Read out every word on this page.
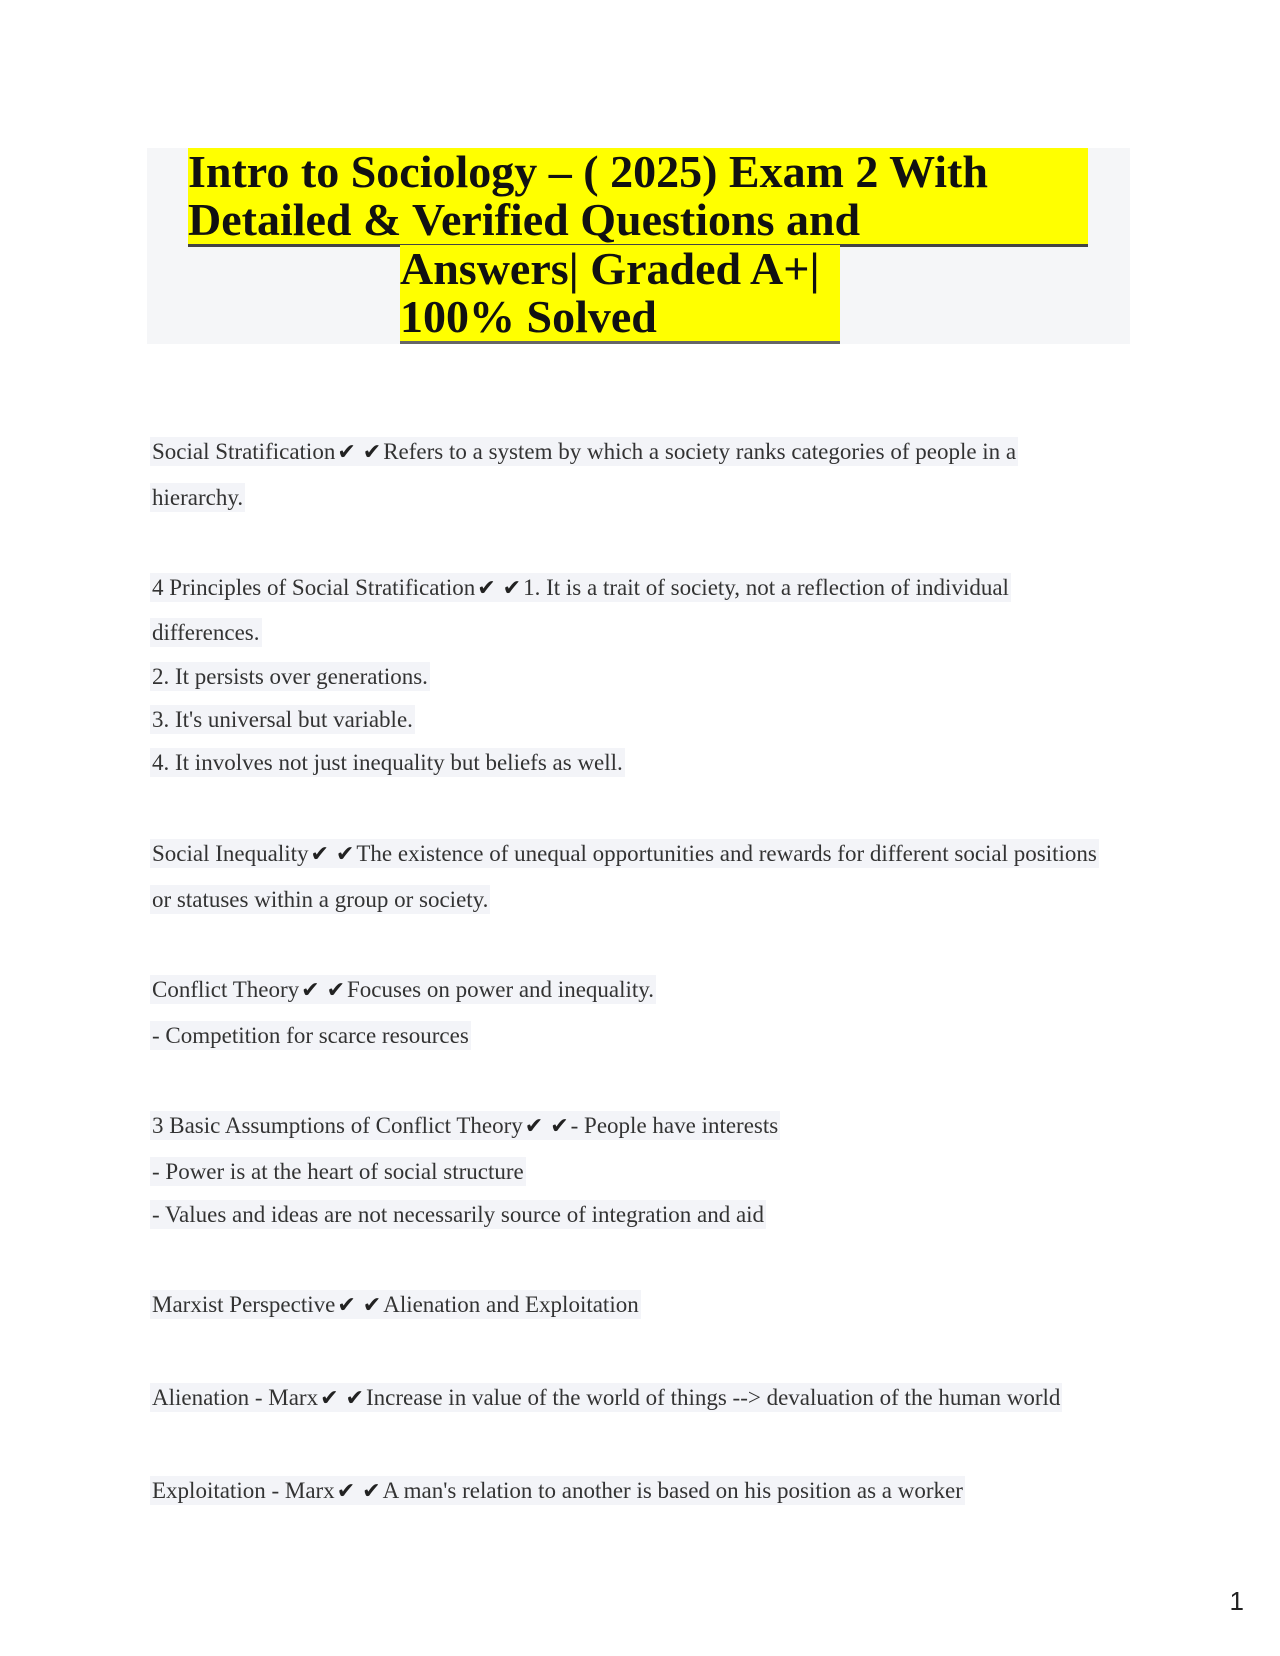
Intro to Sociology – ( 2025) Exam 2 With

Detailed & Verified Questions and

Answers| Graded A+|

100% Solved

Social Stratification✔ ✔Refers to a system by which a society ranks categories of people in a
hierarchy.
4 Principles of Social Stratification✔ ✔1. It is a trait of society, not a reflection of individual
differences.
2. It persists over generations.
3. It's universal but variable.
4. It involves not just inequality but beliefs as well.
Social Inequality✔ ✔The existence of unequal opportunities and rewards for different social positions
or statuses within a group or society.
Conflict Theory✔ ✔Focuses on power and inequality.
- Competition for scarce resources
3 Basic Assumptions of Conflict Theory✔ ✔- People have interests
- Power is at the heart of social structure
- Values and ideas are not necessarily source of integration and aid
Marxist Perspective✔ ✔Alienation and Exploitation
Alienation - Marx✔ ✔Increase in value of the world of things --> devaluation of the human world
Exploitation - Marx✔ ✔A man's relation to another is based on his position as a worker
1
